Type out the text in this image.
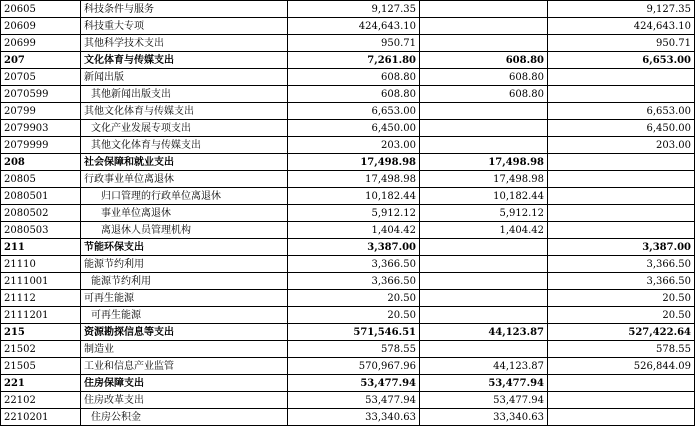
20605	科技条件与服务	9,127.35		9,127.35
20609	科技重大专项	424,643.10		424,643.10
20699	其他科学技术支出	950.71		950.71
207	文化体育与传媒支出	7,261.80	608.80	6,653.00
20705	新闻出版	608.80	608.80	
2070599	其他新闻出版支出	608.80	608.80	
20799	其他文化体育与传媒支出	6,653.00		6,653.00
2079903	文化产业发展专项支出	6,450.00		6,450.00
2079999	其他文化体育与传媒支出	203.00		203.00
208	社会保障和就业支出	17,498.98	17,498.98	
20805	行政事业单位离退休	17,498.98	17,498.98	
2080501	归口管理的行政单位离退休	10,182.44	10,182.44	
2080502	事业单位离退休	5,912.12	5,912.12	
2080503	离退休人员管理机构	1,404.42	1,404.42	
211	节能环保支出	3,387.00		3,387.00
21110	能源节约利用	3,366.50		3,366.50
2111001	能源节约利用	3,366.50		3,366.50
21112	可再生能源	20.50		20.50
2111201	可再生能源	20.50		20.50
215	资源勘探信息等支出	571,546.51	44,123.87	527,422.64
21502	制造业	578.55		578.55
21505	工业和信息产业监管	570,967.96	44,123.87	526,844.09
221	住房保障支出	53,477.94	53,477.94	
22102	住房改革支出	53,477.94	53,477.94	
2210201	住房公积金	33,340.63	33,340.63	
